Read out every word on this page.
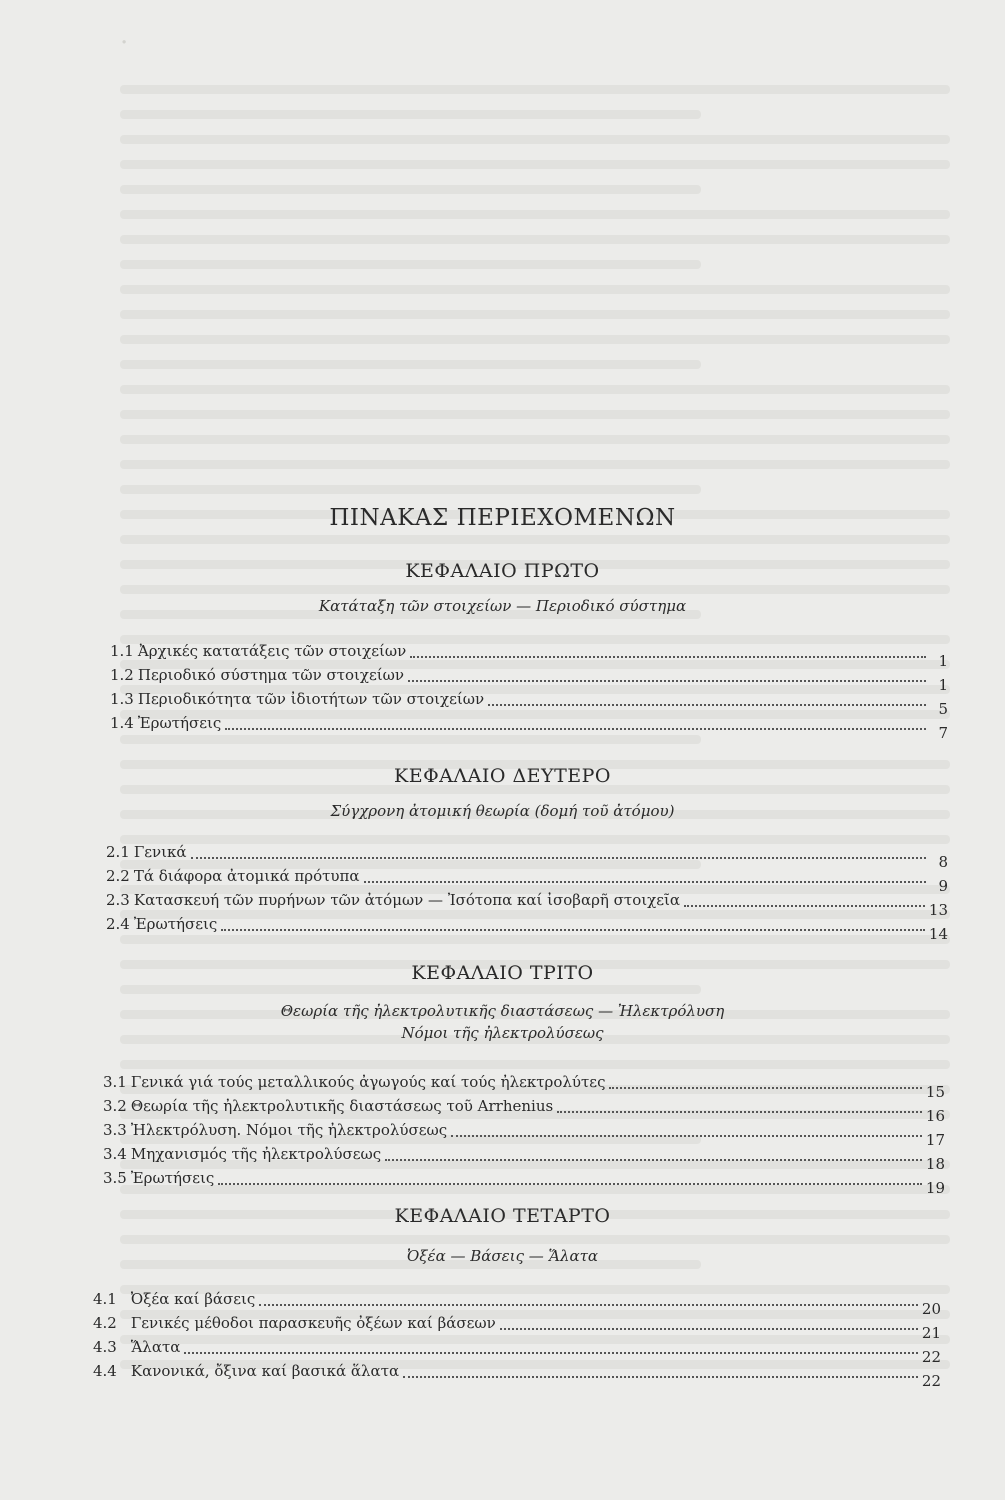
·
ΠΙΝΑΚΑΣ ΠΕΡΙΕΧΟΜΕΝΩΝ
ΚΕΦΑΛΑΙΟ ΠΡΩΤΟ
Κατάταξη τῶν στοιχείων — Περιοδικό σύστημα
1.1 Ἀρχικές κατατάξεις τῶν στοιχείων
1
1.2 Περιοδικό σύστημα τῶν στοιχείων
1
1.3 Περιοδικότητα τῶν ἰδιοτήτων τῶν στοιχείων
5
1.4 Ἐρωτήσεις
7
ΚΕΦΑΛΑΙΟ ΔΕΥΤΕΡΟ
Σύγχρονη ἀτομική θεωρία (δομή τοῦ ἀτόμου)
2.1 Γενικά
8
2.2 Τά διάφορα ἀτομικά πρότυπα
9
2.3 Κατασκευή τῶν πυρήνων τῶν ἀτόμων — Ἰσότοπα καί ἰσοβαρῆ στοιχεῖα
13
2.4 Ἐρωτήσεις
14
ΚΕΦΑΛΑΙΟ ΤΡΙΤΟ
Θεωρία τῆς ἠλεκτρολυτικῆς διαστάσεως — Ἠλεκτρόλυση
Νόμοι τῆς ἠλεκτρολύσεως
3.1 Γενικά γιά τούς μεταλλικούς ἀγωγούς καί τούς ἠλεκτρολύτες
15
3.2 Θεωρία τῆς ἠλεκτρολυτικῆς διαστάσεως τοῦ Arrhenius
16
3.3 Ἠλεκτρόλυση. Νόμοι τῆς ἠλεκτρολύσεως
17
3.4 Μηχανισμός τῆς ἠλεκτρολύσεως
18
3.5 Ἐρωτήσεις
19
ΚΕΦΑΛΑΙΟ ΤΕΤΑΡΤΟ
Ὀξέα — Βάσεις — Ἅλατα
4.1 Ὀξέα καί βάσεις
20
4.2 Γενικές μέθοδοι παρασκευῆς ὀξέων καί βάσεων
21
4.3 Ἅλατα
22
4.4 Κανονικά, ὄξινα καί βασικά ἅλατα
22
